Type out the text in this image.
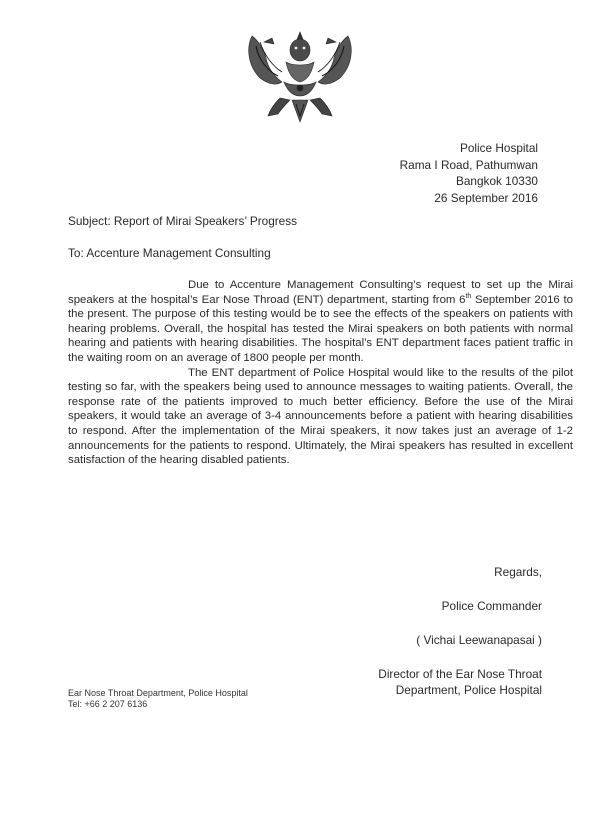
Police Hospital
Rama I Road, Pathumwan
Bangkok 10330
26 September 2016
Subject: Report of Mirai Speakers’ Progress
To: Accenture Management Consulting

Due to Accenture Management Consulting’s request to set up the Mirai speakers at the hospital’s Ear Nose Throad (ENT) department, starting from 6th September 2016 to the present. The purpose of this testing would be to see the effects of the speakers on patients with hearing problems. Overall, the hospital has tested the Mirai speakers on both patients with normal hearing and patients with hearing disabilities. The hospital’s ENT department faces patient traffic in the waiting room on an average of 1800 people per month.

The ENT department of Police Hospital would like to the results of the pilot testing so far, with the speakers being used to announce messages to waiting patients. Overall, the response rate of the patients improved to much better efficiency. Before the use of the Mirai speakers, it would take an average of 3-4 announcements before a patient with hearing disabilities to respond. After the implementation of the Mirai speakers, it now takes just an average of 1-2 announcements for the patients to respond. Ultimately, the Mirai speakers has resulted in excellent satisfaction of the hearing disabled patients.

Regards,
Police Commander
( Vichai Leewanapasai )
Director of the Ear Nose Throat
Department, Police Hospital
Ear Nose Throat Department, Police Hospital
Tel: +66 2 207 6136
